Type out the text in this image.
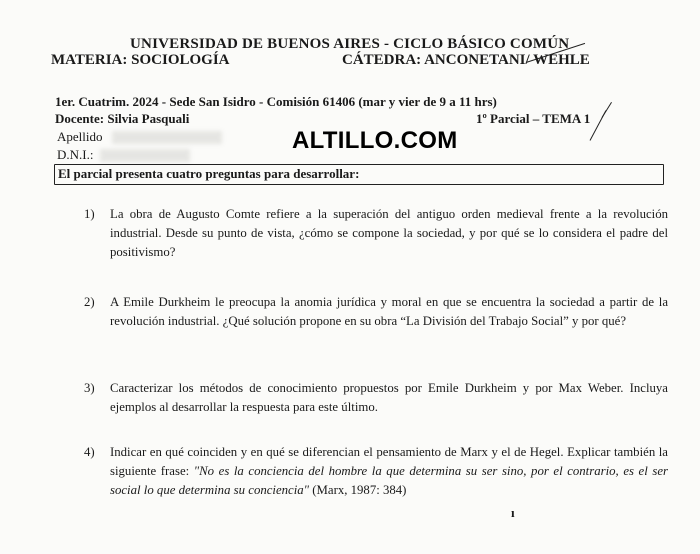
UNIVERSIDAD DE BUENOS AIRES - CICLO BÁSICO COMÚN
MATERIA: SOCIOLOGÍA	CÁTEDRA: ANCONETANI/ WEHLE
1er. Cuatrim. 2024 - Sede San Isidro - Comisión 61406 (mar y vier de 9 a 11 hrs)
Docente: Silvia Pasquali	1º Parcial – TEMA 1
Apellido
D.N.I.:
ALTILLO.COM
El parcial presenta cuatro preguntas para desarrollar:
1) La obra de Augusto Comte refiere a la superación del antiguo orden medieval frente a la revolución industrial. Desde su punto de vista, ¿cómo se compone la sociedad, y por qué se lo considera el padre del positivismo?
2) A Emile Durkheim le preocupa la anomia jurídica y moral en que se encuentra la sociedad a partir de la revolución industrial. ¿Qué solución propone en su obra “La División del Trabajo Social” y por qué?
3) Caracterizar los métodos de conocimiento propuestos por Emile Durkheim y por Max Weber. Incluya ejemplos al desarrollar la respuesta para este último.
4) Indicar en qué coinciden y en qué se diferencian el pensamiento de Marx y el de Hegel. Explicar también la siguiente frase: "No es la conciencia del hombre la que determina su ser sino, por el contrario, es el ser social lo que determina su conciencia" (Marx, 1987: 384)
ı
